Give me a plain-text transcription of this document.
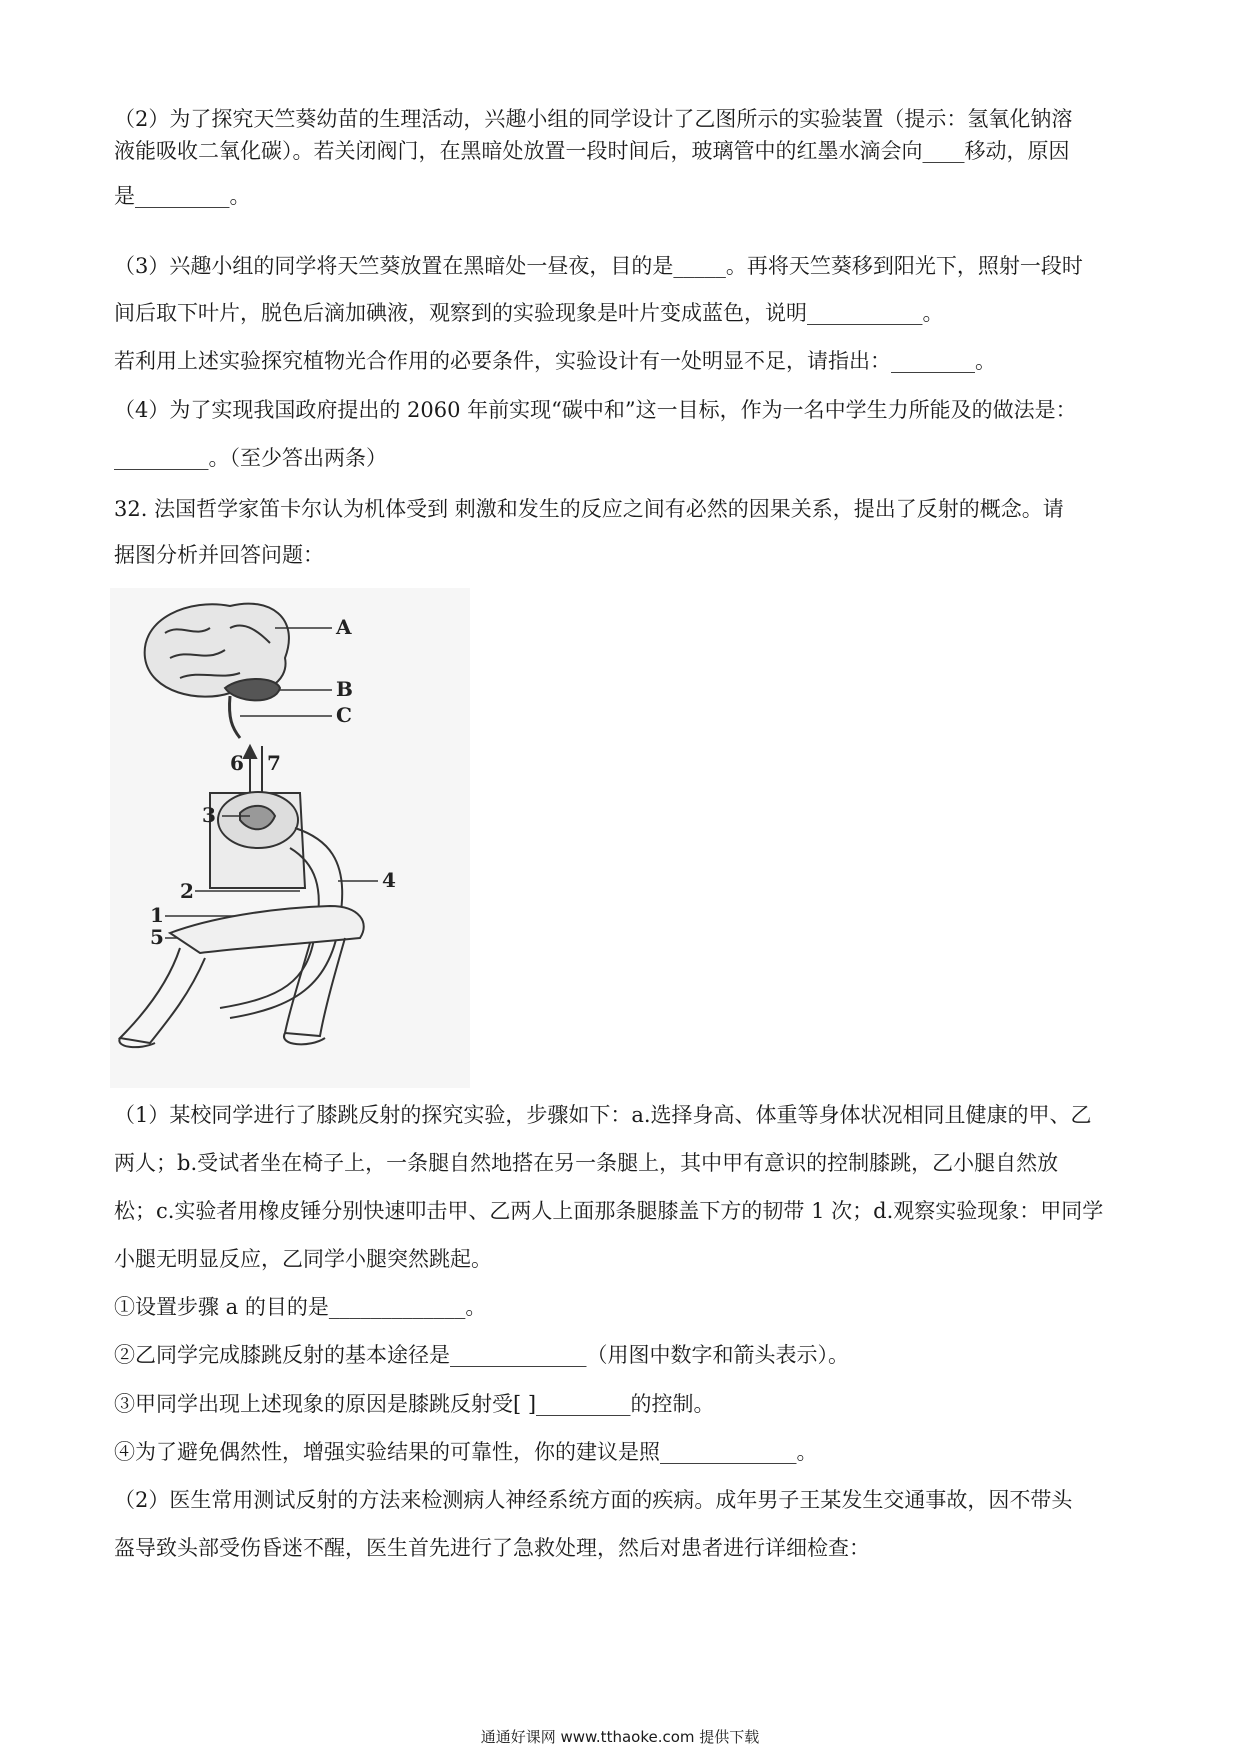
（2）为了探究天竺葵幼苗的生理活动，兴趣小组的同学设计了乙图所示的实验装置（提示：氢氧化钠溶
液能吸收二氧化碳）。若关闭阀门，在黑暗处放置一段时间后，玻璃管中的红墨水滴会向____移动，原因
是_________。
（3）兴趣小组的同学将天竺葵放置在黑暗处一昼夜，目的是_____。再将天竺葵移到阳光下，照射一段时
间后取下叶片，脱色后滴加碘液，观察到的实验现象是叶片变成蓝色，说明___________。
若利用上述实验探究植物光合作用的必要条件，实验设计有一处明显不足，请指出：________。
（4）为了实现我国政府提出的 2060 年前实现“碳中和”这一目标，作为一名中学生力所能及的做法是：
_________。（至少答出两条）
32. 法国哲学家笛卡尔认为机体受到 刺激和发生的反应之间有必然的因果关系，提出了反射的概念。请
据图分析并回答问题：
A
B
C
6 7
3
4
2
1
5
（1）某校同学进行了膝跳反射的探究实验，步骤如下：a.选择身高、体重等身体状况相同且健康的甲、乙
两人；b.受试者坐在椅子上，一条腿自然地搭在另一条腿上，其中甲有意识的控制膝跳，乙小腿自然放
松；c.实验者用橡皮锤分别快速叩击甲、乙两人上面那条腿膝盖下方的韧带 1 次；d.观察实验现象：甲同学
小腿无明显反应，乙同学小腿突然跳起。
①设置步骤 a 的目的是_____________。
②乙同学完成膝跳反射的基本途径是_____________（用图中数字和箭头表示）。
③甲同学出现上述现象的原因是膝跳反射受[ ]_________的控制。
④为了避免偶然性，增强实验结果的可靠性，你的建议是照_____________。
（2）医生常用测试反射的方法来检测病人神经系统方面的疾病。成年男子王某发生交通事故，因不带头
盔导致头部受伤昏迷不醒，医生首先进行了急救处理，然后对患者进行详细检查：
通通好课网 www.tthaoke.com 提供下载
